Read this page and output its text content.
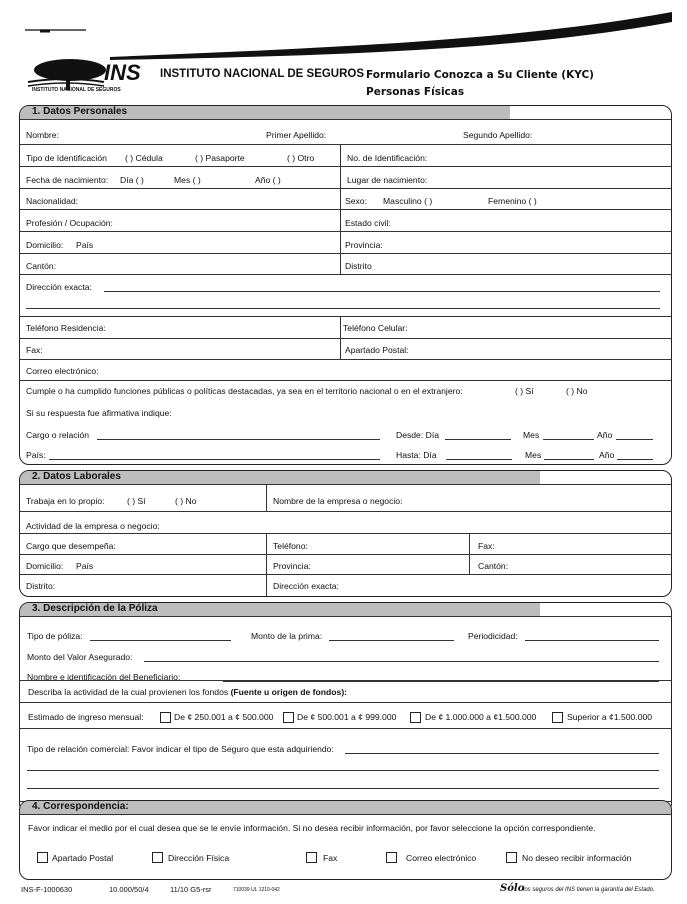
INS
INSTITUTO NACIONAL DE SEGUROS
INSTITUTO NACIONAL DE SEGUROS Formulario Conozca a Su Cliente (KYC)
Personas Físicas
1. Datos Personales
Nombre:	Primer Apellido:	Segundo Apellido:
Tipo de Identificación ( ) Cédula	( ) Pasaporte	( ) Otro	No. de Identificación:
Fecha de nacimiento: Día ( )	Mes ( )	Año ( )	Lugar de nacimiento:
Nacionalidad:	Sexo: Masculino ( )	Femenino ( )
Profesión / Ocupación:	Estado civil:
Domicilio: País	Provincia:
Cantón:	Distrito
Dirección exacta:
Teléfono Residencia:	Teléfono Celular:
Fax:	Apartado Postal:
Correo electrónico:
Cumple o ha cumplido funciones públicas o políticas destacadas, ya sea en el territorio nacional o en el extranjero:	( ) Sí	( ) No
Si su respuesta fue afirmativa indique:
Cargo o relación	Desde: Día	Mes	Año
País:	Hasta: Día	Mes	Año
2. Datos Laborales
Trabaja en lo propio:	( ) Sí	( ) No	Nombre de la empresa o negocio:
Actividad de la empresa o negocio:
Cargo que desempeña:	Teléfono:	Fax:
Domicilio: País	Provincia:	Cantón:
Distrito:	Dirección exacta:
3. Descripción de la Póliza
Tipo de póliza:	Monto de la prima:	Periodicidad:
Monto del Valor Asegurado:
Nombre e identificación del Beneficiario:
Describa la actividad de la cual provienen los fondos (Fuente u origen de fondos):
Estimado de ingreso mensual:	De ¢ 250.001 a ¢ 500.000	De ¢ 500.001 a ¢ 999.000	De ¢ 1.000.000 a ¢1.500.000	Superior a ¢1.500.000
Tipo de relación comercial: Favor indicar el tipo de Seguro que esta adquiriendo:
4. Correspondencia:
Favor indicar el medio por el cual desea que se le envíe información. Si no desea recibir información, por favor seleccione la opción correspondiente.
Apartado Postal	Dirección Física	Fax	Correo electrónico	No deseo recibir información
INS-F-1000630	10.000/50/4	11/10 G5-rsr	710039 UL 1210-042	Sólo
los seguros del INS tienen la garantía del Estado.
